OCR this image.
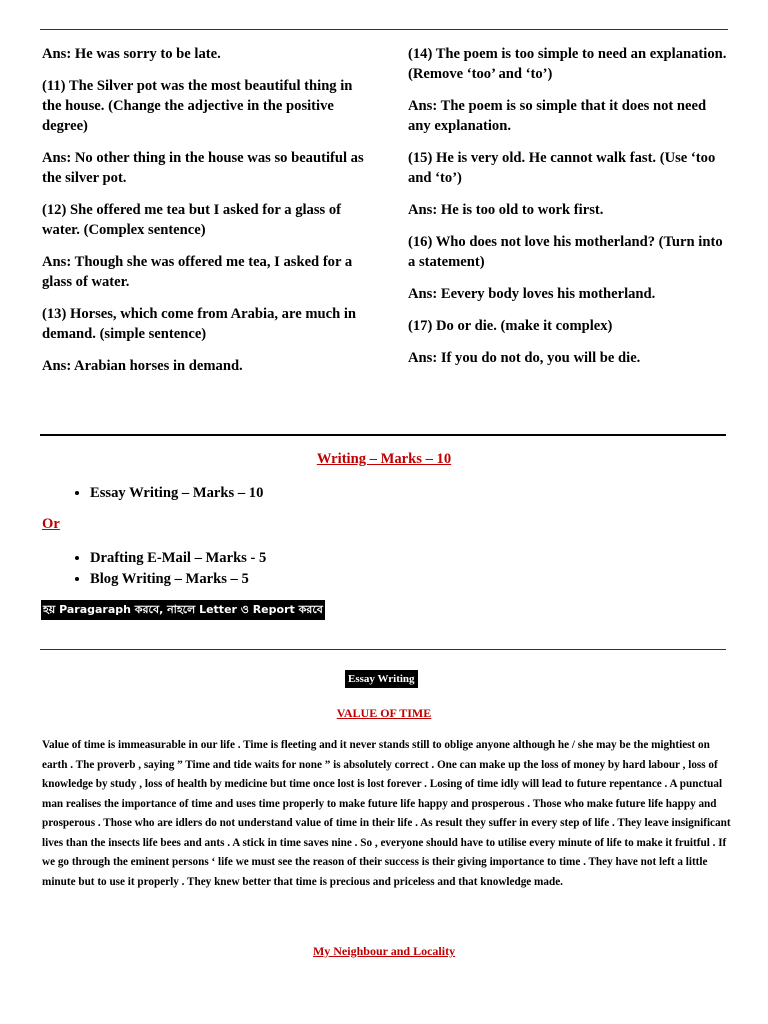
Ans: He was sorry to be late.

(11) The Silver pot was the most beautiful thing in the house. (Change the adjective in the positive degree)

Ans: No other thing in the house was so beautiful as the silver pot.

(12) She offered me tea but I asked for a glass of water. (Complex sentence)

Ans: Though she was offered me tea, I asked for a glass of water.

(13) Horses, which come from Arabia, are much in demand. (simple sentence)

Ans: Arabian horses in demand.

(14) The poem is too simple to need an explanation. (Remove ‘too’ and ‘to’)

Ans: The poem is so simple that it does not need any explanation.

(15) He is very old. He cannot walk fast. (Use ‘too and ‘to’)

Ans: He is too old to work first.

(16) Who does not love his motherland? (Turn into a statement)

Ans: Eevery body loves his motherland.

(17) Do or die. (make it complex)

Ans: If you do not do, you will be die.

Writing – Marks – 10
• Essay Writing – Marks – 10
Or
• Drafting E-Mail – Marks - 5
• Blog Writing – Marks – 5
হয় Paragaraph করবে, নাহলে Letter ও Report করবে
Essay Writing
VALUE OF TIME
Value of time is immeasurable in our life . Time is fleeting and it never stands still to oblige anyone although he / she may be the mightiest on earth . The proverb , saying ” Time and tide waits for none ” is absolutely correct . One can make up the loss of money by hard labour , loss of knowledge by study , loss of health by medicine but time once lost is lost forever . Losing of time idly will lead to future repentance . A punctual man realises the importance of time and uses time properly to make future life happy and prosperous . Those who make future life happy and prosperous . Those who are idlers do not understand value of time in their life . As result they suffer in every step of life . They leave insignificant lives than the insects life bees and ants . A stick in time saves nine . So , everyone should have to utilise every minute of life to make it fruitful . If we go through the eminent persons ‘ life we must see the reason of their success is their giving importance to time . They have not left a little minute but to use it properly . They knew better that time is precious and priceless and that knowledge made.
My Neighbour and Locality
